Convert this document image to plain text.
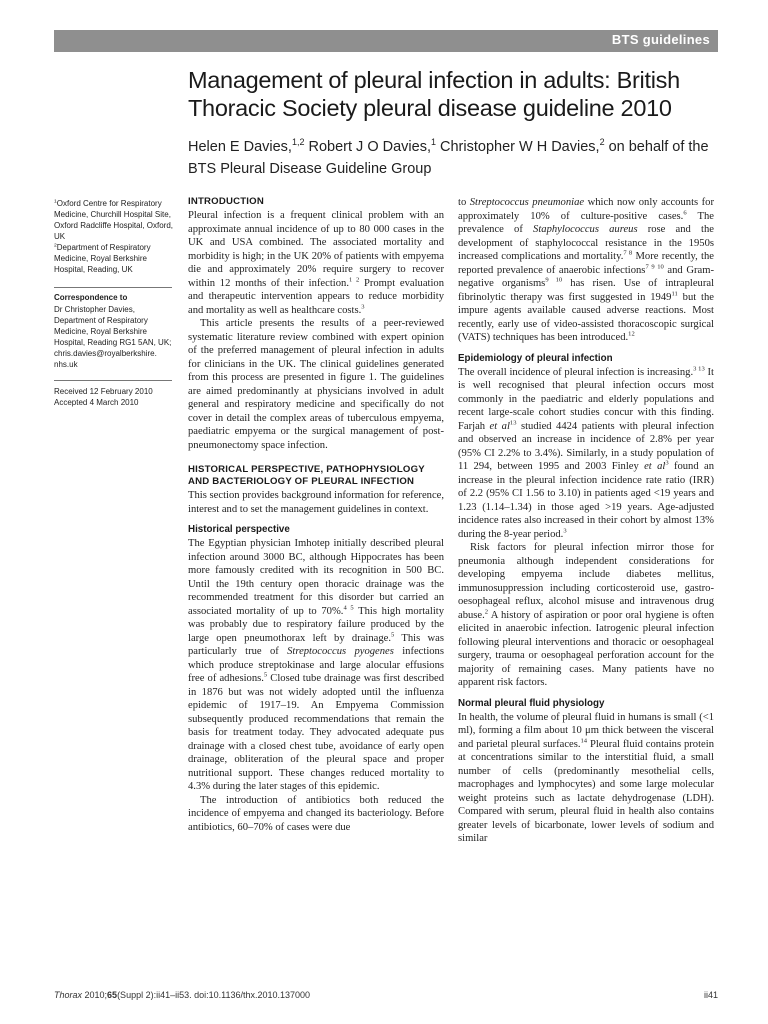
BTS guidelines
Management of pleural infection in adults: British Thoracic Society pleural disease guideline 2010

Helen E Davies,$^{1,2}$ Robert J O Davies,$^1$ Christopher W H Davies,$^2$ on behalf of the BTS Pleural Disease Guideline Group

$^1$Oxford Centre for Respiratory Medicine, Churchill Hospital Site, Oxford Radcliffe Hospital, Oxford, UK

$^2$Department of Respiratory Medicine, Royal Berkshire Hospital, Reading, UK

Correspondence to

Dr Christopher Davies,

Department of Respiratory

Medicine, Royal Berkshire

Hospital, Reading RG1 5AN, UK;

chris.davies@royalberkshire.

nhs.uk

Received 12 February 2010

Accepted 4 March 2010

INTRODUCTION

Pleural infection is a frequent clinical problem with an approximate annual incidence of up to 80 000 cases in the UK and USA combined. The associated mortality and morbidity is high; in the UK 20% of patients with empyema die and approximately 20% require surgery to recover within 12 months of their infection.$^{1 2}$ Prompt evaluation and therapeutic intervention appears to reduce morbidity and mortality as well as healthcare costs.$^3$

This article presents the results of a peer-reviewed systematic literature review combined with expert opinion of the preferred management of pleural infection in adults for clinicians in the UK. The clinical guidelines generated from this process are presented in figure 1. The guidelines are aimed predominantly at physicians involved in adult general and respiratory medicine and specifically do not cover in detail the complex areas of tuberculous empyema, paediatric empyema or the surgical management of post-pneumonectomy space infection.

HISTORICAL PERSPECTIVE, PATHOPHYSIOLOGY AND BACTERIOLOGY OF PLEURAL INFECTION

This section provides background information for reference, interest and to set the management guidelines in context.

Historical perspective

The Egyptian physician Imhotep initially described pleural infection around 3000 BC, although Hippocrates has been more famously credited with its recognition in 500 BC. Until the 19th century open thoracic drainage was the recommended treatment for this disorder but carried an associated mortality of up to 70%.$^{4 5}$ This high mortality was probably due to respiratory failure produced by the large open pneumothorax left by drainage.$^5$ This was particularly true of Streptococcus pyogenes infections which produce streptokinase and large alocular effusions free of adhesions.$^5$ Closed tube drainage was first described in 1876 but was not widely adopted until the influenza epidemic of 1917–19. An Empyema Commission subsequently produced recommendations that remain the basis for treatment today. They advocated adequate pus drainage with a closed chest tube, avoidance of early open drainage, obliteration of the pleural space and proper nutritional support. These changes reduced mortality to 4.3% during the later stages of this epidemic.

The introduction of antibiotics both reduced the incidence of empyema and changed its bacteriology. Before antibiotics, 60–70% of cases were due

to Streptococcus pneumoniae which now only accounts for approximately 10% of culture-positive cases.$^6$ The prevalence of Staphylococcus aureus rose and the development of staphylococcal resistance in the 1950s increased complications and mortality.$^{7 8}$ More recently, the reported prevalence of anaerobic infections$^{7 9 10}$ and Gram-negative organisms$^{9 10}$ has risen. Use of intrapleural fibrinolytic therapy was first suggested in 1949$^{11}$ but the impure agents available caused adverse reactions. Most recently, early use of video-assisted thoracoscopic surgical (VATS) techniques has been introduced.$^{12}$

Epidemiology of pleural infection

The overall incidence of pleural infection is increasing.$^{3 13}$ It is well recognised that pleural infection occurs most commonly in the paediatric and elderly populations and recent large-scale cohort studies concur with this finding. Farjah et $al^{13}$ studied 4424 patients with pleural infection and observed an increase in incidence of 2.8% per year (95% CI 2.2% to 3.4%). Similarly, in a study population of 11 294, between 1995 and 2003 Finley et $al^3$ found an increase in the pleural infection incidence rate ratio (IRR) of 2.2 (95% CI 1.56 to 3.10) in patients aged <19 years and 1.23 (1.14–1.34) in those aged >19 years. Age-adjusted incidence rates also increased in their cohort by almost 13% during the 8-year period.$^3$

Risk factors for pleural infection mirror those for pneumonia although independent considerations for developing empyema include diabetes mellitus, immunosuppression including corticosteroid use, gastro-oesophageal reflux, alcohol misuse and intravenous drug abuse.$^2$ A history of aspiration or poor oral hygiene is often elicited in anaerobic infection. Iatrogenic pleural infection following pleural interventions and thoracic or oesophageal surgery, trauma or oesophageal perforation account for the majority of remaining cases. Many patients have no apparent risk factors.

Normal pleural fluid physiology

In health, the volume of pleural fluid in humans is small (<1 ml), forming a film about 10 μm thick between the visceral and parietal pleural surfaces.$^{14}$ Pleural fluid contains protein at concentrations similar to the interstitial fluid, a small number of cells (predominantly mesothelial cells, macrophages and lymphocytes) and some large molecular weight proteins such as lactate dehydrogenase (LDH). Compared with serum, pleural fluid in health also contains greater levels of bicarbonate, lower levels of sodium and similar

Thorax 2010;65(Suppl 2):ii41–ii53. doi:10.1136/thx.2010.137000	ii41
